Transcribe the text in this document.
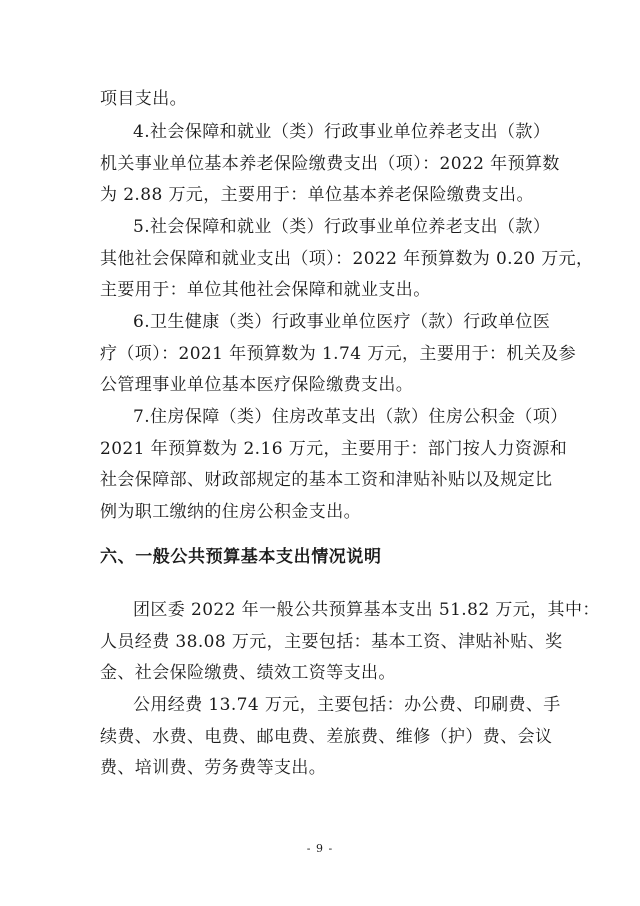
项目支出。
4.社会保障和就业（类）行政事业单位养老支出（款）
机关事业单位基本养老保险缴费支出（项）：2022 年预算数
为 2.88 万元，主要用于：单位基本养老保险缴费支出。
5.社会保障和就业（类）行政事业单位养老支出（款）
其他社会保障和就业支出（项）：2022 年预算数为 0.20 万元，
主要用于：单位其他社会保障和就业支出。
6.卫生健康（类）行政事业单位医疗（款）行政单位医
疗（项）：2021 年预算数为 1.74 万元，主要用于：机关及参
公管理事业单位基本医疗保险缴费支出。
7.住房保障（类）住房改革支出（款）住房公积金（项）
2021 年预算数为 2.16 万元，主要用于：部门按人力资源和
社会保障部、财政部规定的基本工资和津贴补贴以及规定比
例为职工缴纳的住房公积金支出。
六、一般公共预算基本支出情况说明
团区委 2022 年一般公共预算基本支出 51.82 万元，其中：
人员经费 38.08 万元，主要包括：基本工资、津贴补贴、奖
金、社会保险缴费、绩效工资等支出。
公用经费 13.74 万元，主要包括：办公费、印刷费、手
续费、水费、电费、邮电费、差旅费、维修（护）费、会议
费、培训费、劳务费等支出。
- 9 -
